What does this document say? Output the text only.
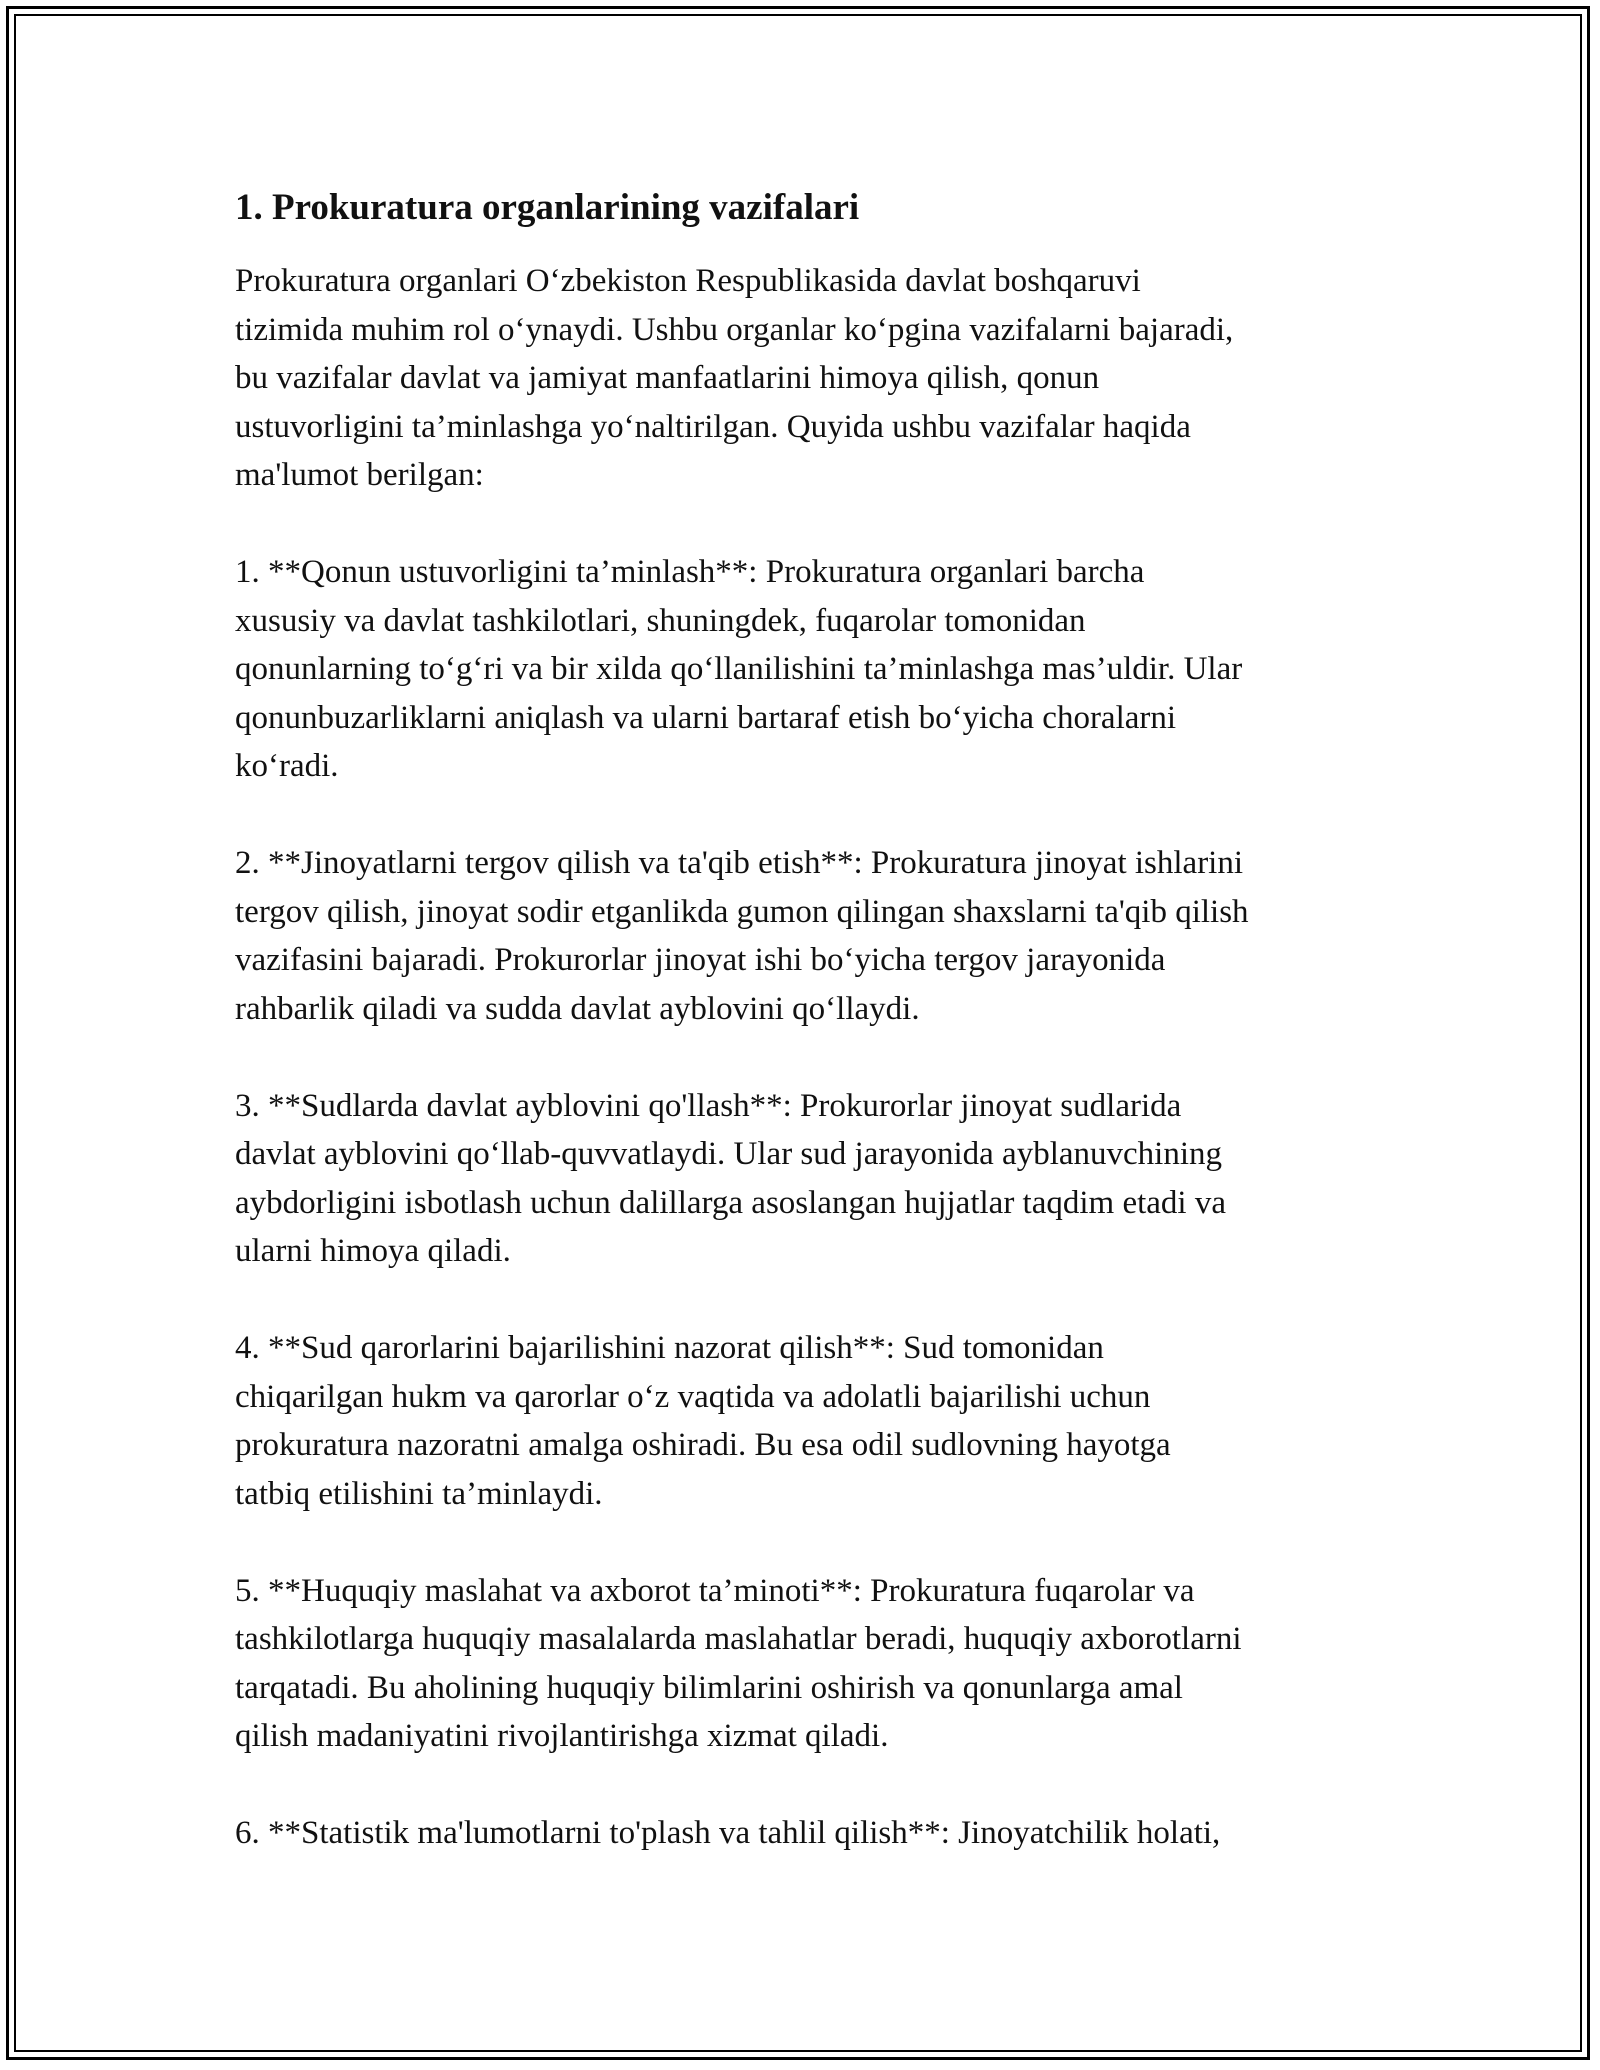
1. Prokuratura organlarining vazifalari

Prokuratura organlari O‘zbekiston Respublikasida davlat boshqaruvi
tizimida muhim rol o‘ynaydi. Ushbu organlar ko‘pgina vazifalarni bajaradi,
bu vazifalar davlat va jamiyat manfaatlarini himoya qilish, qonun
ustuvorligini ta’minlashga yo‘naltirilgan. Quyida ushbu vazifalar haqida
ma'lumot berilgan:

1. **Qonun ustuvorligini ta’minlash**: Prokuratura organlari barcha
xususiy va davlat tashkilotlari, shuningdek, fuqarolar tomonidan
qonunlarning to‘g‘ri va bir xilda qo‘llanilishini ta’minlashga mas’uldir. Ular
qonunbuzarliklarni aniqlash va ularni bartaraf etish bo‘yicha choralarni
ko‘radi.

2. **Jinoyatlarni tergov qilish va ta'qib etish**: Prokuratura jinoyat ishlarini
tergov qilish, jinoyat sodir etganlikda gumon qilingan shaxslarni ta'qib qilish
vazifasini bajaradi. Prokurorlar jinoyat ishi bo‘yicha tergov jarayonida
rahbarlik qiladi va sudda davlat ayblovini qo‘llaydi.

3. **Sudlarda davlat ayblovini qo'llash**: Prokurorlar jinoyat sudlarida
davlat ayblovini qo‘llab-quvvatlaydi. Ular sud jarayonida ayblanuvchining
aybdorligini isbotlash uchun dalillarga asoslangan hujjatlar taqdim etadi va
ularni himoya qiladi.

4. **Sud qarorlarini bajarilishini nazorat qilish**: Sud tomonidan
chiqarilgan hukm va qarorlar o‘z vaqtida va adolatli bajarilishi uchun
prokuratura nazoratni amalga oshiradi. Bu esa odil sudlovning hayotga
tatbiq etilishini ta’minlaydi.

5. **Huquqiy maslahat va axborot ta’minoti**: Prokuratura fuqarolar va
tashkilotlarga huquqiy masalalarda maslahatlar beradi, huquqiy axborotlarni
tarqatadi. Bu aholining huquqiy bilimlarini oshirish va qonunlarga amal
qilish madaniyatini rivojlantirishga xizmat qiladi.

6. **Statistik ma'lumotlarni to'plash va tahlil qilish**: Jinoyatchilik holati,
